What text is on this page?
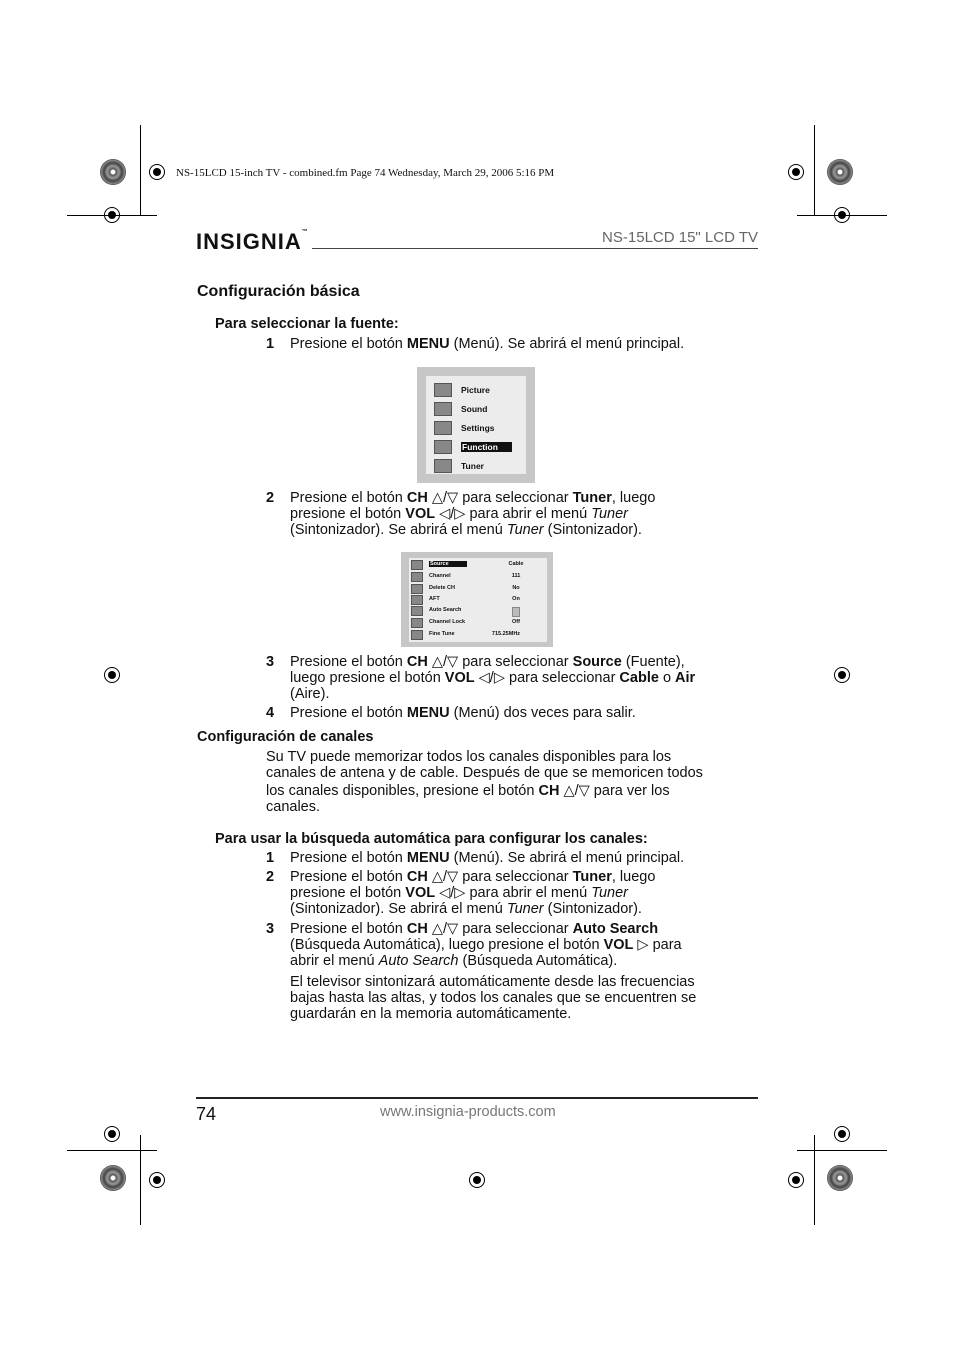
NS-15LCD 15-inch TV - combined.fm Page 74 Wednesday, March 29, 2006 5:16 PM
INSIGNIA™	NS-15LCD 15" LCD TV
Configuración básica
Para seleccionar la fuente:
1 Presione el botón MENU (Menú). Se abrirá el menú principal.
Picture
Sound
Settings
Function
Tuner
2 Presione el botón CH △/▽ para seleccionar Tuner, luego
presione el botón VOL ◁/▷ para abrir el menú Tuner
(Sintonizador). Se abrirá el menú Tuner (Sintonizador).
Source	Cable
Channel	111
Delete CH	No
AFT	On
Auto Search
Channel Lock	Off
Fine Tune	715.25MHz
3 Presione el botón CH △/▽ para seleccionar Source (Fuente),
luego presione el botón VOL ◁/▷ para seleccionar Cable o Air
(Aire).
4 Presione el botón MENU (Menú) dos veces para salir.
Configuración de canales
Su TV puede memorizar todos los canales disponibles para los
canales de antena y de cable. Después de que se memoricen todos
los canales disponibles, presione el botón CH △/▽ para ver los
canales.
Para usar la búsqueda automática para configurar los canales:
1 Presione el botón MENU (Menú). Se abrirá el menú principal.
2 Presione el botón CH △/▽ para seleccionar Tuner, luego
presione el botón VOL ◁/▷ para abrir el menú Tuner
(Sintonizador). Se abrirá el menú Tuner (Sintonizador).
3 Presione el botón CH △/▽ para seleccionar Auto Search
(Búsqueda Automática), luego presione el botón VOL ▷ para
abrir el menú Auto Search (Búsqueda Automática).
El televisor sintonizará automáticamente desde las frecuencias
bajas hasta las altas, y todos los canales que se encuentren se
guardarán en la memoria automáticamente.
74	www.insignia-products.com
